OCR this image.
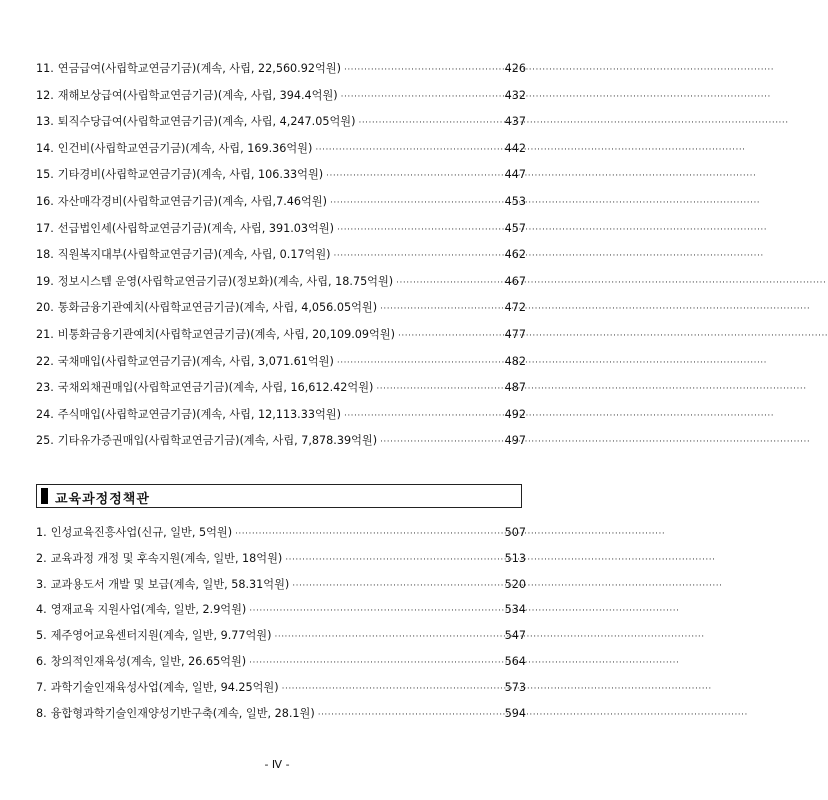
11. 연금급여(사립학교연금기금)(계속, 사립, 22,560.92억원) ·····	426
12. 재해보상급여(사립학교연금기금)(계속, 사립, 394.4억원) ·····	432
13. 퇴직수당급여(사립학교연금기금)(계속, 사립, 4,247.05억원) ·····	437
14. 인건비(사립학교연금기금)(계속, 사립, 169.36억원) ·····	442
15. 기타경비(사립학교연금기금)(계속, 사립, 106.33억원) ·····	447
16. 자산매각경비(사립학교연금기금)(계속, 사립,7.46억원) ·····	453
17. 선급법인세(사립학교연금기금)(계속, 사립, 391.03억원) ·····	457
18. 직원복지대부(사립학교연금기금)(계속, 사립, 0.17억원) ·····	462
19. 정보시스템 운영(사립학교연금기금)(정보화)(계속, 사립, 18.75억원) ·····	467
20. 통화금융기관예치(사립학교연금기금)(계속, 사립, 4,056.05억원) ·····	472
21. 비통화금융기관예치(사립학교연금기금)(계속, 사립, 20,109.09억원) ·····	477
22. 국채매입(사립학교연금기금)(계속, 사립, 3,071.61억원) ·····	482
23. 국채외채권매입(사립학교연금기금)(계속, 사립, 16,612.42억원) ·····	487
24. 주식매입(사립학교연금기금)(계속, 사립, 12,113.33억원) ·····	492
25. 기타유가증권매입(사립학교연금기금)(계속, 사립, 7,878.39억원) ·····	497
교육과정정책관
1. 인성교육진흥사업(신규, 일반, 5억원) ·····	507
2. 교육과정 개정 및 후속지원(계속, 일반, 18억원) ·····	513
3. 교과용도서 개발 및 보급(계속, 일반, 58.31억원) ·····	520
4. 영재교육 지원사업(계속, 일반, 2.9억원) ·····	534
5. 제주영어교육센터지원(계속, 일반, 9.77억원) ·····	547
6. 창의적인재육성(계속, 일반, 26.65억원) ·····	564
7. 과학기술인재육성사업(계속, 일반, 94.25억원) ·····	573
8. 융합형과학기술인재양성기반구축(계속, 일반, 28.1원) ·····	594
- Ⅳ -
